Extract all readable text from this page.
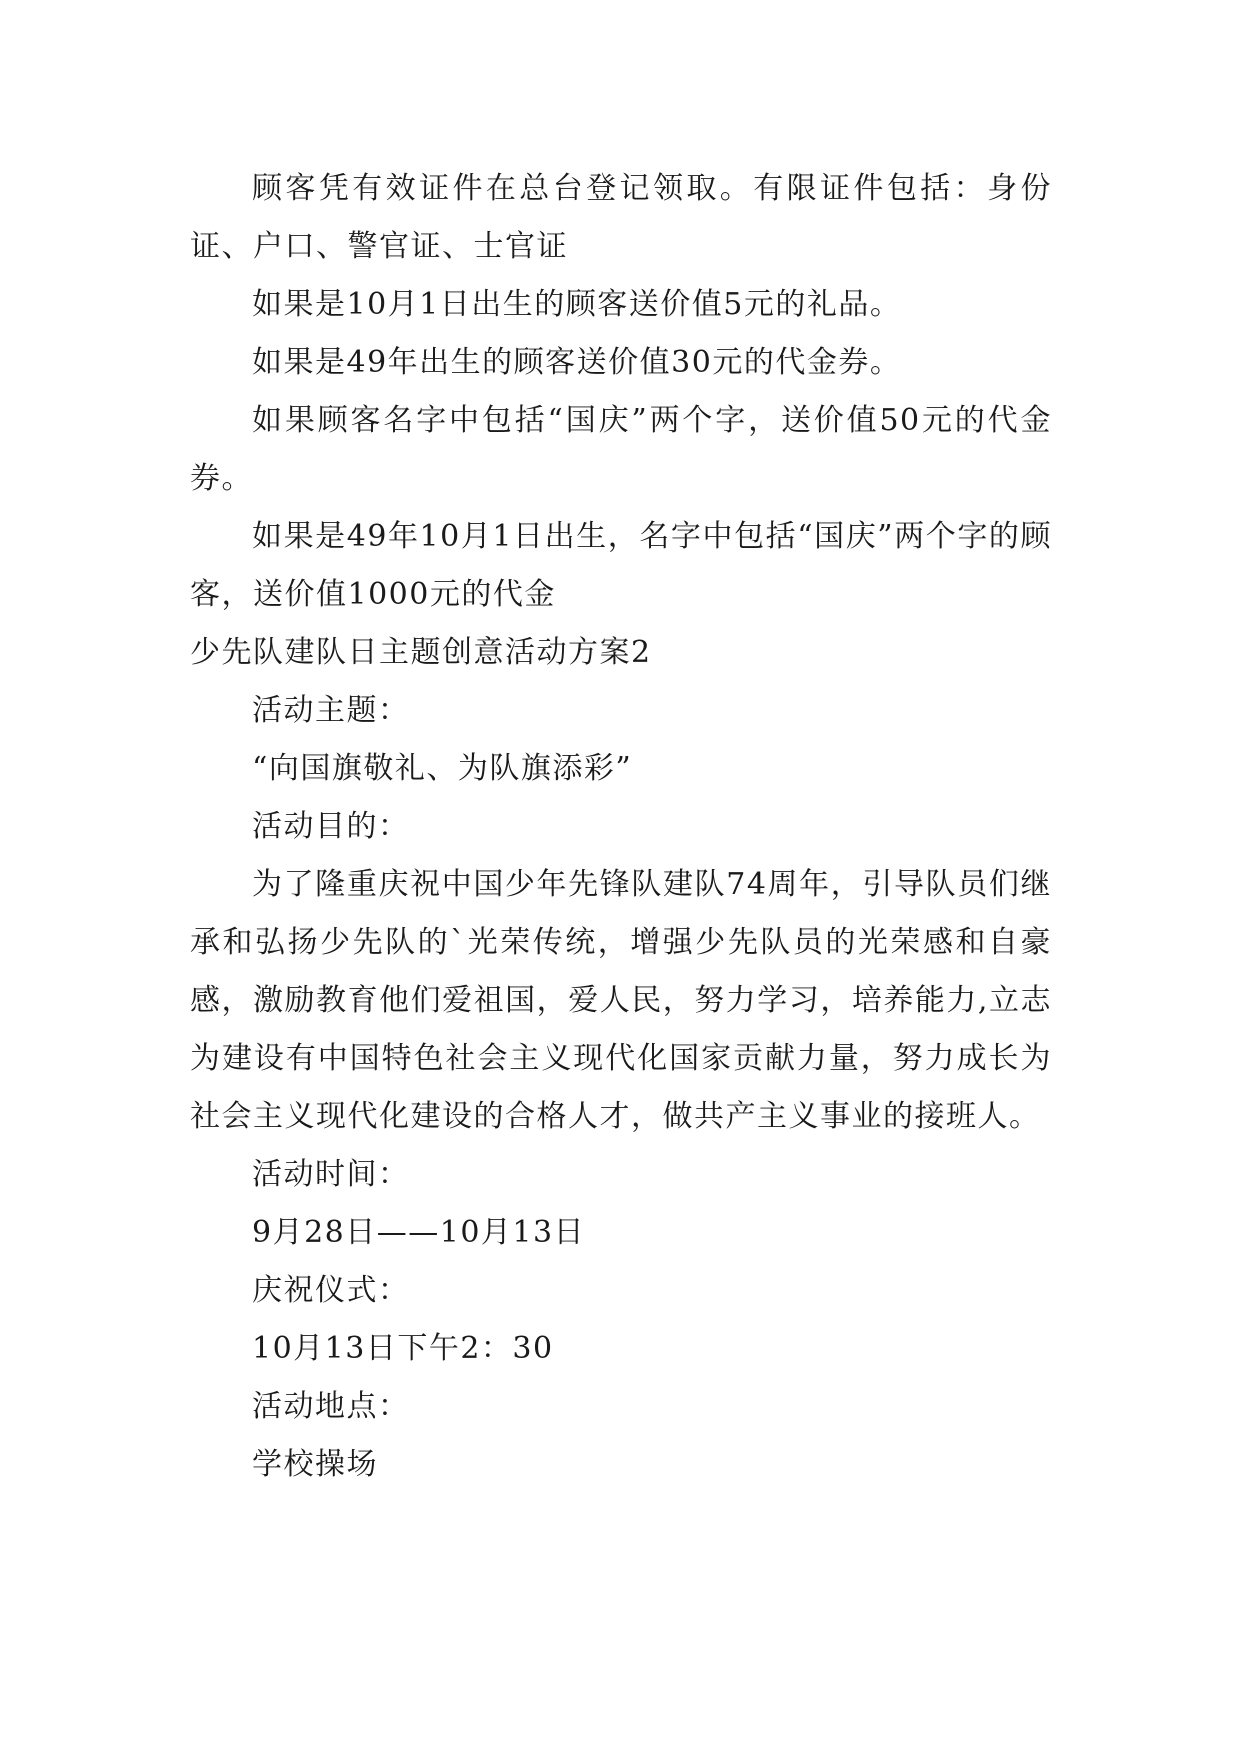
顾客凭有效证件在总台登记领取。有限证件包括：身份证、户口、警官证、士官证

如果是10月1日出生的顾客送价值5元的礼品。

如果是49年出生的顾客送价值30元的代金券。

如果顾客名字中包括“国庆”两个字，送价值50元的代金券。

如果是49年10月1日出生，名字中包括“国庆”两个字的顾客，送价值1000元的代金

少先队建队日主题创意活动方案2

活动主题：

“向国旗敬礼、为队旗添彩”

活动目的：

为了隆重庆祝中国少年先锋队建队74周年，引导队员们继承和弘扬少先队的`光荣传统，增强少先队员的光荣感和自豪感，激励教育他们爱祖国，爱人民，努力学习，培养能力,立志为建设有中国特色社会主义现代化国家贡献力量，努力成长为社会主义现代化建设的合格人才，做共产主义事业的接班人。

活动时间：

9月28日——10月13日

庆祝仪式：

10月13日下午2：30

活动地点：

学校操场
